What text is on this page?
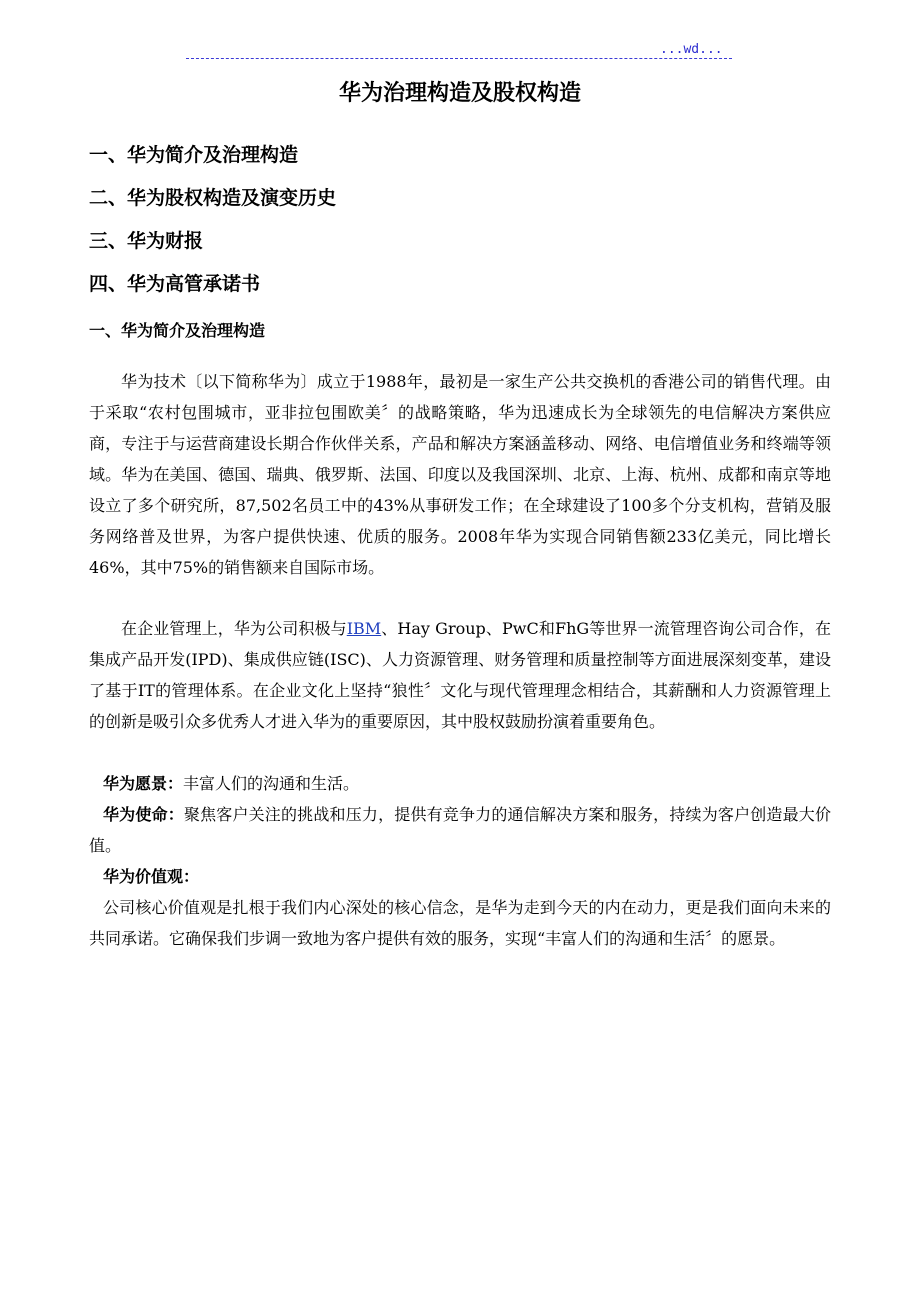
...wd...
华为治理构造及股权构造
一、华为简介及治理构造
二、华为股权构造及演变历史
三、华为财报
四、华为高管承诺书
一、华为简介及治理构造
华为技术〔以下简称华为〕成立于1988年，最初是一家生产公共交换机的香港公司的销售代理。由于采取“农村包围城市，亚非拉包围欧美〞的战略策略，华为迅速成长为全球领先的电信解决方案供应商，专注于与运营商建设长期合作伙伴关系，产品和解决方案涵盖移动、网络、电信增值业务和终端等领域。华为在美国、德国、瑞典、俄罗斯、法国、印度以及我国深圳、北京、上海、杭州、成都和南京等地设立了多个研究所，87,502名员工中的43%从事研发工作；在全球建设了100多个分支机构，营销及服务网络普及世界，为客户提供快速、优质的服务。2008年华为实现合同销售额233亿美元，同比增长46%，其中75%的销售额来自国际市场。
在企业管理上，华为公司积极与IBM、Hay Group、PwC和FhG等世界一流管理咨询公司合作，在集成产品开发(IPD)、集成供应链(ISC)、人力资源管理、财务管理和质量控制等方面进展深刻变革，建设了基于IT的管理体系。在企业文化上坚持“狼性〞文化与现代管理理念相结合，其薪酬和人力资源管理上的创新是吸引众多优秀人才进入华为的重要原因，其中股权鼓励扮演着重要角色。
华为愿景：丰富人们的沟通和生活。
华为使命：聚焦客户关注的挑战和压力，提供有竞争力的通信解决方案和服务，持续为客户创造最大价值。
华为价值观：
公司核心价值观是扎根于我们内心深处的核心信念，是华为走到今天的内在动力，更是我们面向未来的共同承诺。它确保我们步调一致地为客户提供有效的服务，实现“丰富人们的沟通和生活〞的愿景。
